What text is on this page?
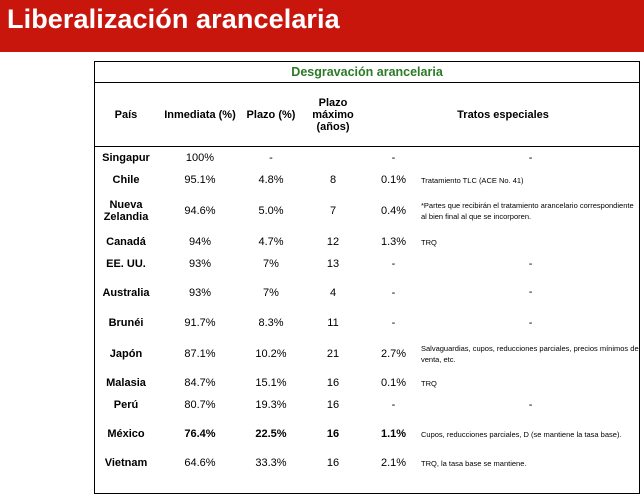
Liberalización arancelaria
Desgravación arancelaria					
País	Inmediata (%)	Plazo (%)	Plazo máximo (años)	Tratos especiales	
Singapur	100%	-		-	-
Chile	95.1%	4.8%	8	0.1%	Tratamiento TLC (ACE No. 41)
Nueva Zelandia	94.6%	5.0%	7	0.4%	*Partes que recibirán el tratamiento arancelario correspondiente al bien final al que se incorporen.
Canadá	94%	4.7%	12	1.3%	TRQ
EE. UU.	93%	7%	13	-	-
Australia	93%	7%	4	-	-
Brunéi	91.7%	8.3%	11	-	-
Japón	87.1%	10.2%	21	2.7%	Salvaguardias, cupos, reducciones parciales, precios mínimos de venta, etc.
Malasia	84.7%	15.1%	16	0.1%	TRQ
Perú	80.7%	19.3%	16	-	-
México	76.4%	22.5%	16	1.1%	Cupos, reducciones parciales, D (se mantiene la tasa base).
Vietnam	64.6%	33.3%	16	2.1%	TRQ, la tasa base se mantiene.
